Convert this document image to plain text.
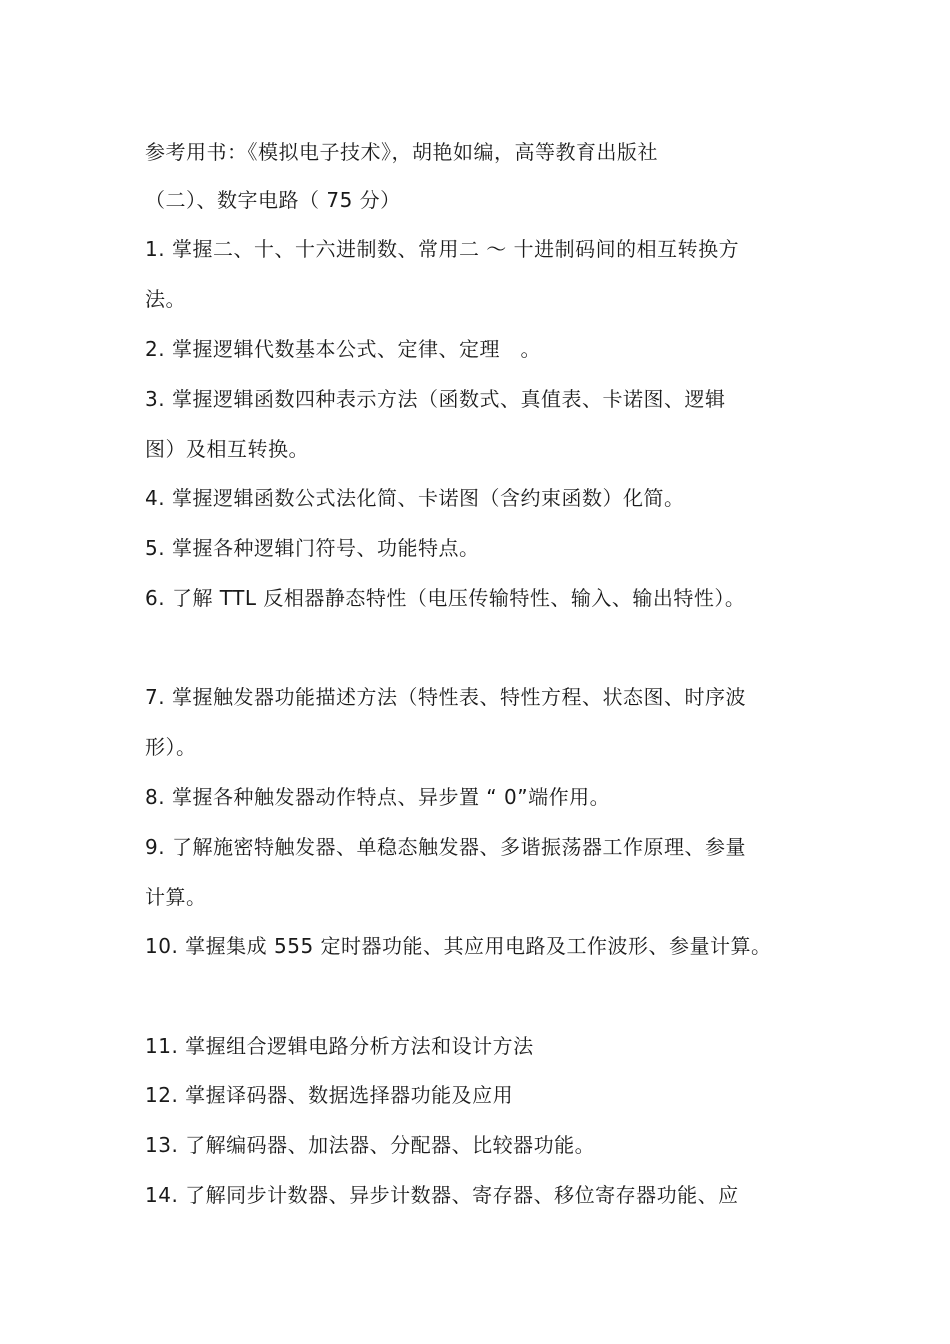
参考用书：《模拟电子技术》，胡艳如编，高等教育出版社
（二）、数字电路（ 75 分）
1. 掌握二、十、十六进制数、常用二 ～ 十进制码间的相互转换方
法。
2. 掌握逻辑代数基本公式、定律、定理　。
3. 掌握逻辑函数四种表示方法（函数式、真值表、卡诺图、逻辑
图）及相互转换。
4. 掌握逻辑函数公式法化简、卡诺图（含约束函数）化简。
5. 掌握各种逻辑门符号、功能特点。
6. 了解 TTL 反相器静态特性（电压传输特性、输入、输出特性）。
7. 掌握触发器功能描述方法（特性表、特性方程、状态图、时序波
形）。
8. 掌握各种触发器动作特点、异步置 “ 0”端作用。
9. 了解施密特触发器、单稳态触发器、多谐振荡器工作原理、参量
计算。
10. 掌握集成 555 定时器功能、其应用电路及工作波形、参量计算。
11. 掌握组合逻辑电路分析方法和设计方法
12. 掌握译码器、数据选择器功能及应用
13. 了解编码器、加法器、分配器、比较器功能。
14. 了解同步计数器、异步计数器、寄存器、移位寄存器功能、应
